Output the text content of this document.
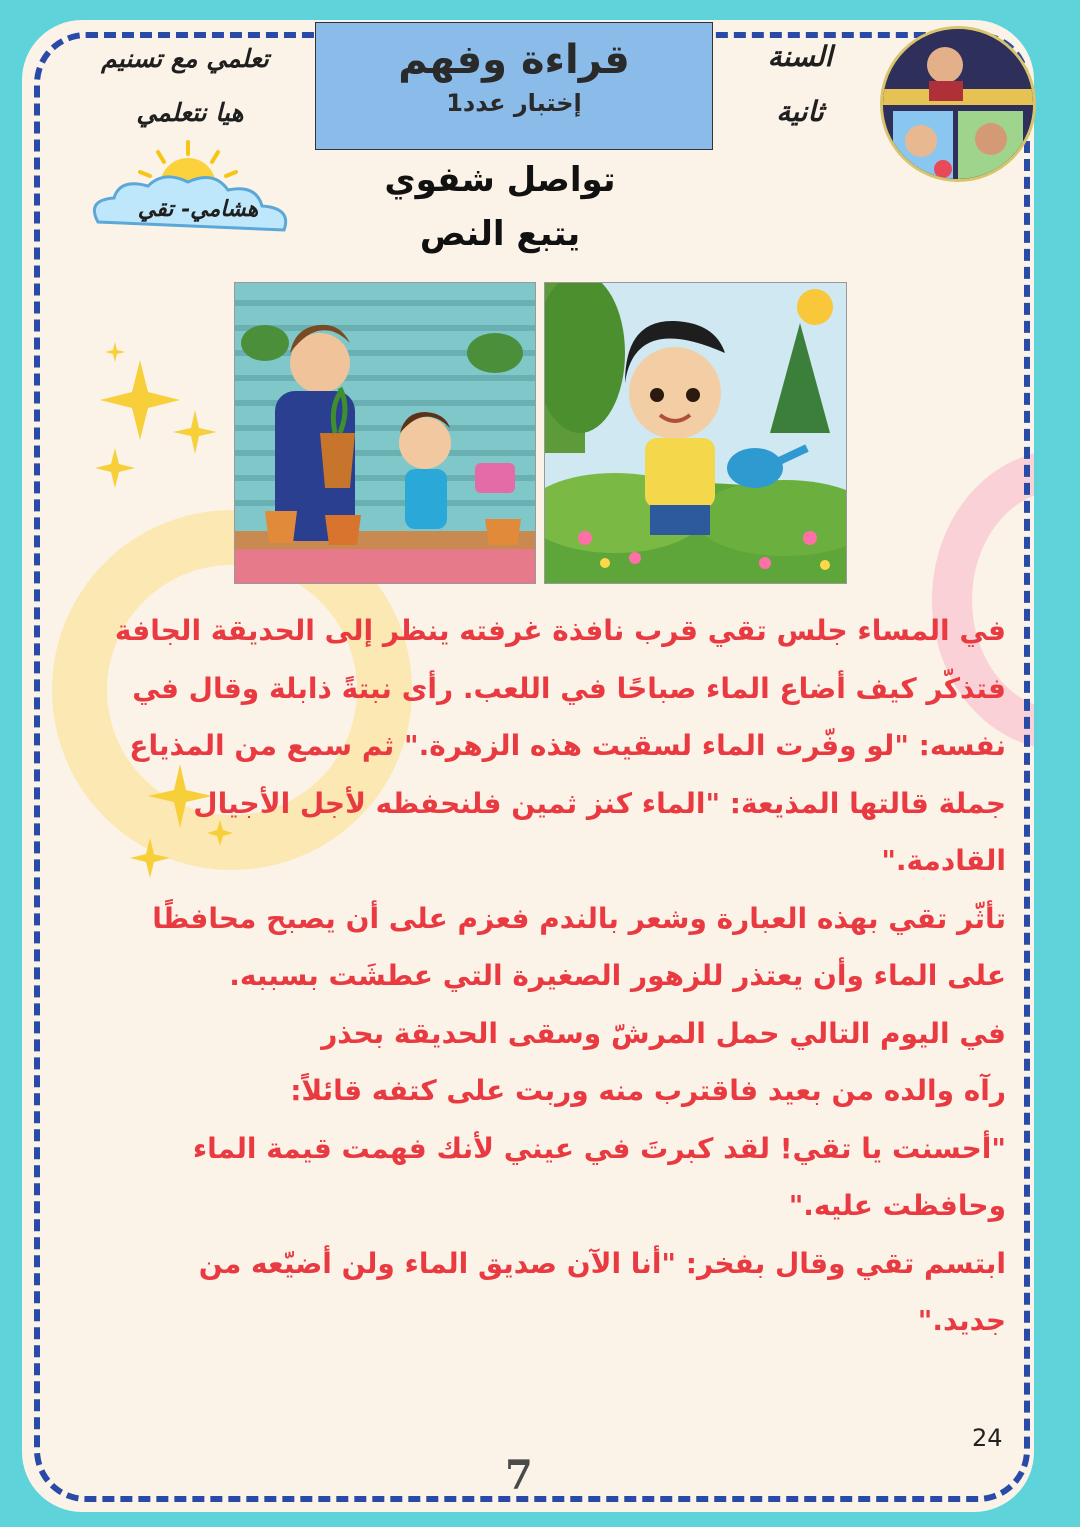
قراءة وفهم
إختبار عدد1
تعلمي مع تسنيم
هيا نتعلمي
هشامي- تقي
السنة
ثانية
تواصل شفوي
يتبع النص

في المساء جلس تقي قرب نافذة غرفته ينظر إلى الحديقة الجافة فتذكّر كيف أضاع الماء صباحًا في اللعب. رأى نبتةً ذابلة وقال في نفسه: "لو وفّرت الماء لسقيت هذه الزهرة." ثم سمع من المذياع جملة قالتها المذيعة: "الماء كنز ثمين فلنحفظه لأجل الأجيال القادمة."

تأثّر تقي بهذه العبارة وشعر بالندم فعزم على أن يصبح محافظًا على الماء وأن يعتذر للزهور الصغيرة التي عطشَت بسببه.

في اليوم التالي حمل المرشّ وسقى الحديقة بحذر

رآه والده من بعيد فاقترب منه وربت على كتفه قائلاً:

"أحسنت يا تقي! لقد كبرتَ في عيني لأنك فهمت قيمة الماء وحافظت عليه."

ابتسم تقي وقال بفخر: "أنا الآن صديق الماء ولن أضيّعه من جديد."

24
7
